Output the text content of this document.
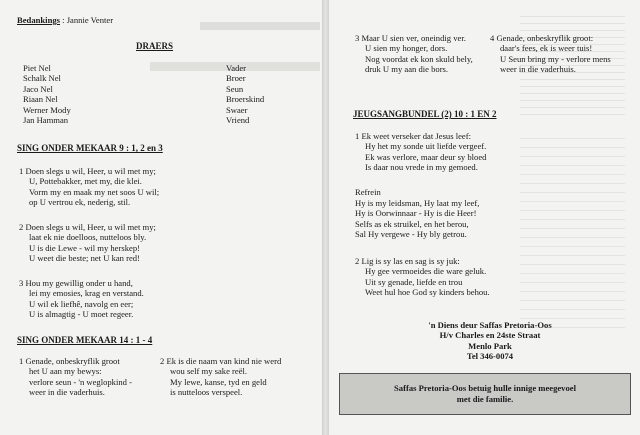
Bedankings : Jannie Venter
DRAERS
Piet Nel
Schalk Nel
Jaco Nel
Riaan Nel
Werner Mody
Jan Hamman
Vader
Broer
Seun
Broerskind
Swaer
Vriend
SING ONDER MEKAAR 9 : 1, 2 en 3
1 Doen slegs u wil, Heer, u wil met my;
U, Pottebakker, met my, die klei.
Vorm my en maak my net soos U wil;
op U vertrou ek, nederig, stil.
2 Doen slegs u wil, Heer, u wil met my;
laat ek nie doelloos, nutteloos bly.
U is die Lewe - wil my herskep!
U weet die beste; net U kan red!
3 Hou my gewillig onder u hand,
lei my emosies, krag en verstand.
U wil ek liefhê, navolg en eer;
U is almagtig - U moet regeer.
SING ONDER MEKAAR 14 : 1 - 4
1 Genade, onbeskryflik groot
het U aan my bewys:
verlore seun - 'n weglopkind -
weer in die vaderhuis.
2 Ek is die naam van kind nie werd
wou self my sake reël.
My lewe, kanse, tyd en geld
is nutteloos verspeel.
3 Maar U sien ver, oneindig ver.
U sien my honger, dors.
Nog voordat ek kon skuld bely,
druk U my aan die bors.
4 Genade, onbeskryflik groot:
daar's fees, ek is weer tuis!
U Seun bring my - verlore mens
weer in die vaderhuis.
JEUGSANGBUNDEL (2) 10 : 1 EN 2
1 Ek weet verseker dat Jesus leef:
Hy het my sonde uit liefde vergeef.
Ek was verlore, maar deur sy bloed
Is daar nou vrede in my gemoed.
Refrein
Hy is my leidsman, Hy laat my leef,
Hy is Oorwinnaar - Hy is die Heer!
Selfs as ek struikel, en het berou,
Sal Hy vergewe - Hy bly getrou.
2 Lig is sy las en sag is sy juk:
Hy gee vermoeides die ware geluk.
Uit sy genade, liefde en trou
Weet hul hoe God sy kinders behou.
'n Diens deur Saffas Pretoria-Oos
H/v Charles en 24ste Straat
Menlo Park
Tel 346-0074
Saffas Pretoria-Oos betuig hulle innige meegevoel
met die familie.
